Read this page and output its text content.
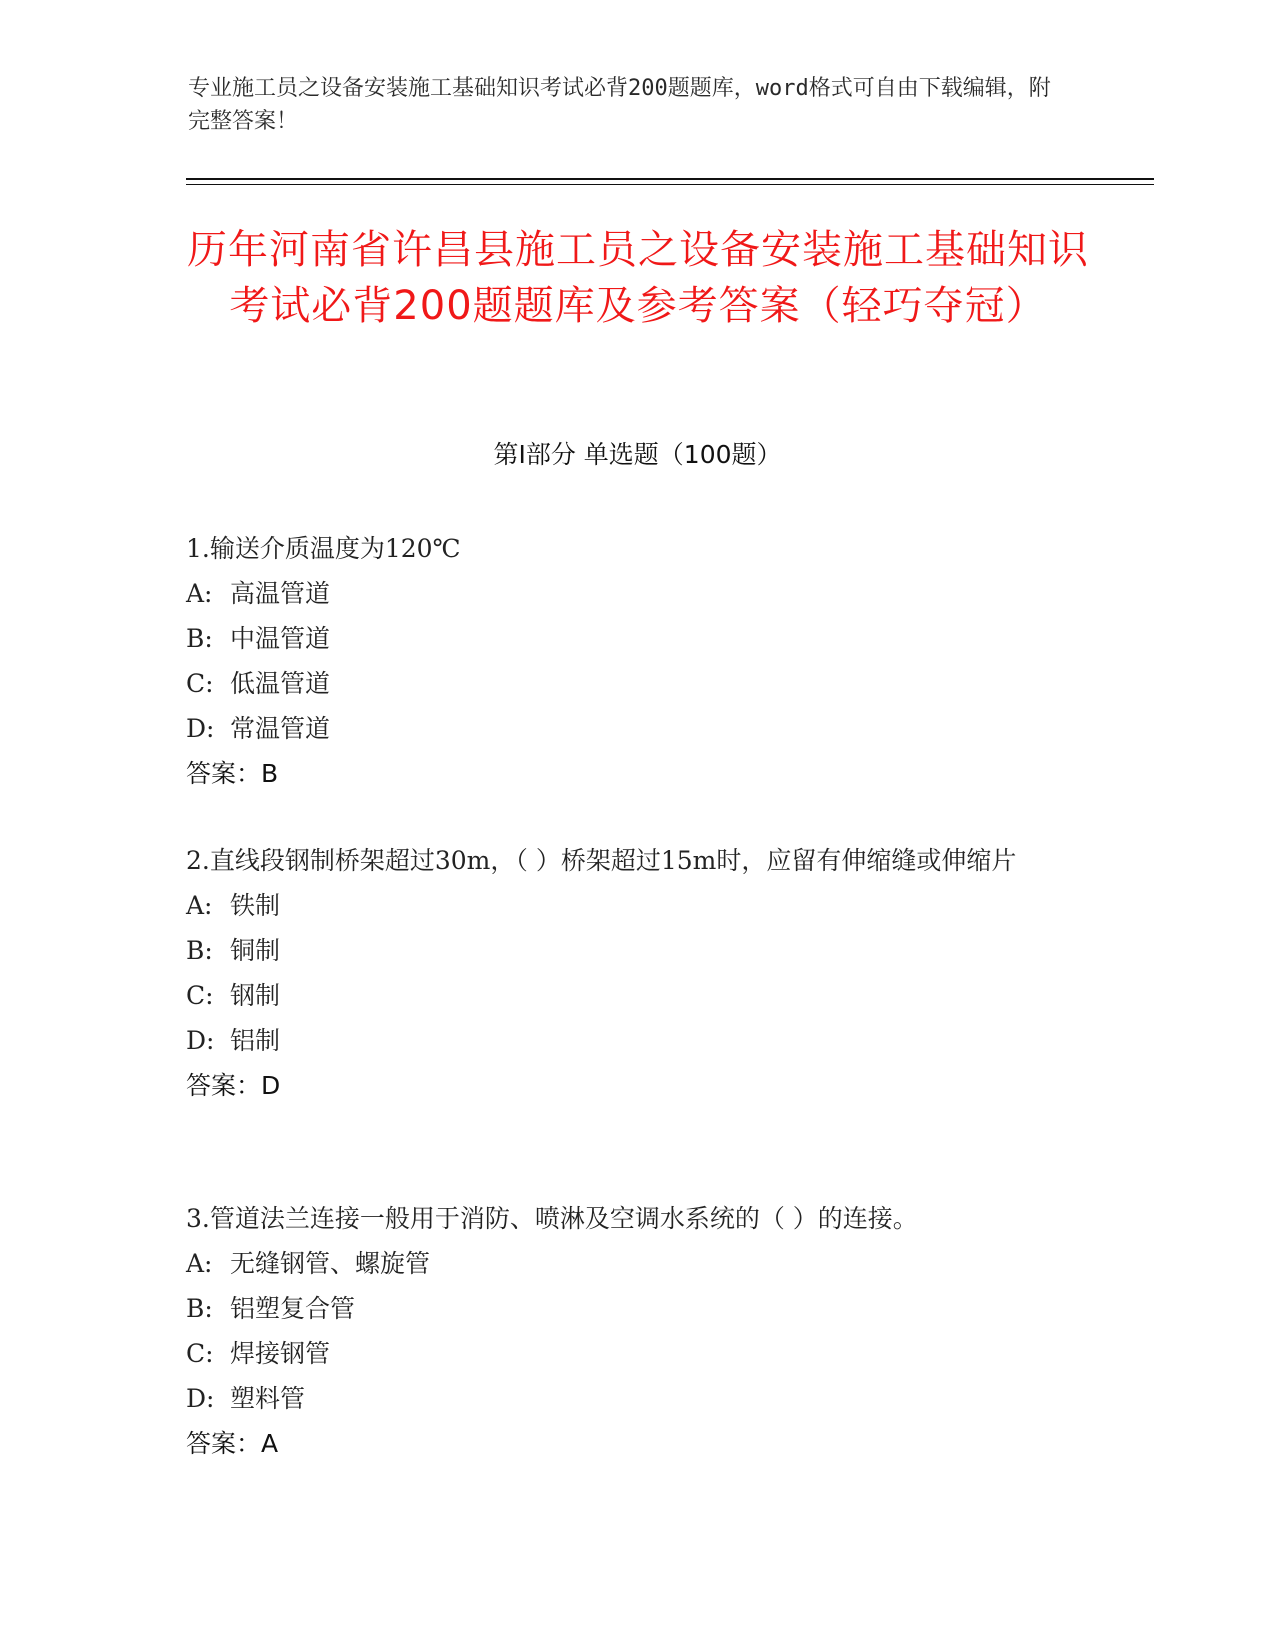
专业施工员之设备安装施工基础知识考试必背200题题库，word格式可自由下载编辑，附完整答案！
历年河南省许昌县施工员之设备安装施工基础知识考试必背200题题库及参考答案（轻巧夺冠）
第Ⅰ部分 单选题（100题）

1.输送介质温度为120℃

A: 高温管道

B: 中温管道

C: 低温管道

D: 常温管道

答案：B

2.直线段钢制桥架超过30m，（ ）桥架超过15m时，应留有伸缩缝或伸缩片

A: 铁制

B: 铜制

C: 钢制

D: 铝制

答案：D

3.管道法兰连接一般用于消防、喷淋及空调水系统的（ ）的连接。

A: 无缝钢管、螺旋管

B: 铝塑复合管

C: 焊接钢管

D: 塑料管

答案：A
